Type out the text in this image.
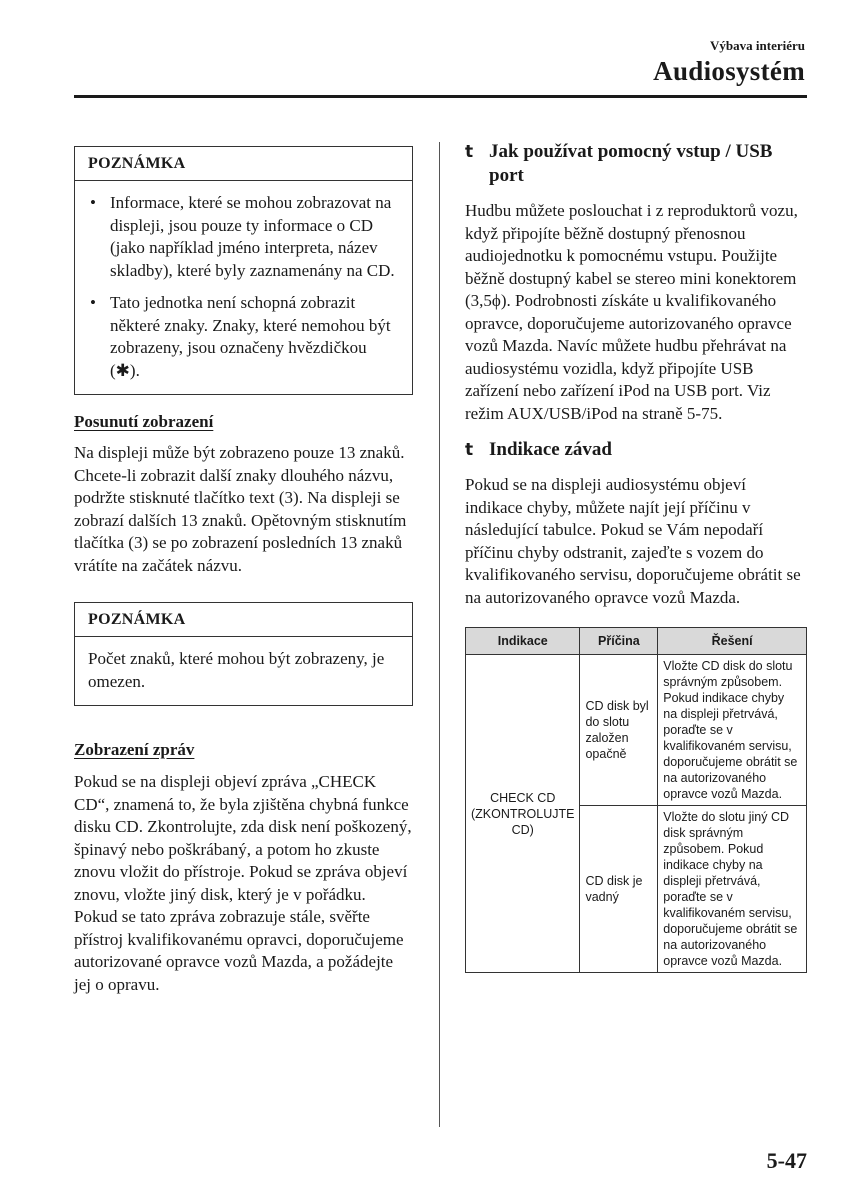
Výbava interiéru
Audiosystém
POZNÁMKA
• Informace, které se mohou zobrazovat na displeji, jsou pouze ty informace o CD (jako například jméno interpreta, název skladby), které byly zaznamenány na CD.
• Tato jednotka není schopná zobrazit některé znaky. Znaky, které nemohou být zobrazeny, jsou označeny hvězdičkou (✱).
Posunutí zobrazení

Na displeji může být zobrazeno pouze 13 znaků. Chcete-li zobrazit další znaky dlouhého názvu, podržte stisknuté tlačítko text (3). Na displeji se zobrazí dalších 13 znaků. Opětovným stisknutím tlačítka (3) se po zobrazení posledních 13 znaků vrátíte na začátek názvu.

POZNÁMKA

Počet znaků, které mohou být zobrazeny, je omezen.

Zobrazení zpráv

Pokud se na displeji objeví zpráva „CHECK CD“, znamená to, že byla zjištěna chybná funkce disku CD. Zkontrolujte, zda disk není poškozený, špinavý nebo poškrábaný, a potom ho zkuste znovu vložit do přístroje. Pokud se zpráva objeví znovu, vložte jiný disk, který je v pořádku. Pokud se tato zpráva zobrazuje stále, svěřte přístroj kvalifikovanému opravci, doporučujeme autorizované opravce vozů Mazda, a požádejte jej o opravu.

t Jak používat pomocný vstup / USB port

Hudbu můžete poslouchat i z reproduktorů vozu, když připojíte běžně dostupný přenosnou audiojednotku k pomocnému vstupu. Použijte běžně dostupný kabel se stereo mini konektorem (3,5ϕ). Podrobnosti získáte u kvalifikovaného opravce, doporučujeme autorizovaného opravce vozů Mazda. Navíc můžete hudbu přehrávat na audiosystému vozidla, když připojíte USB zařízení nebo zařízení iPod na USB port. Viz režim AUX/USB/iPod na straně 5-75.

t Indikace závad

Pokud se na displeji audiosystému objeví indikace chyby, můžete najít její příčinu v následující tabulce. Pokud se Vám nepodaří příčinu chyby odstranit, zajeďte s vozem do kvalifikovaného servisu, doporučujeme obrátit se na autorizovaného opravce vozů Mazda.

Indikace	Příčina	Řešení
CHECK CD (ZKONTROLUJTE CD)	CD disk byl do slotu založen opačně	Vložte CD disk do slotu správným způsobem. Pokud indikace chyby na displeji přetrvává, poraďte se v kvalifikovaném servisu, doporučujeme obrátit se na autorizovaného opravce vozů Mazda.
	CD disk je vadný	Vložte do slotu jiný CD disk správným způsobem. Pokud indikace chyby na displeji přetrvává, poraďte se v kvalifikovaném servisu, doporučujeme obrátit se na autorizovaného opravce vozů Mazda.
5-47
